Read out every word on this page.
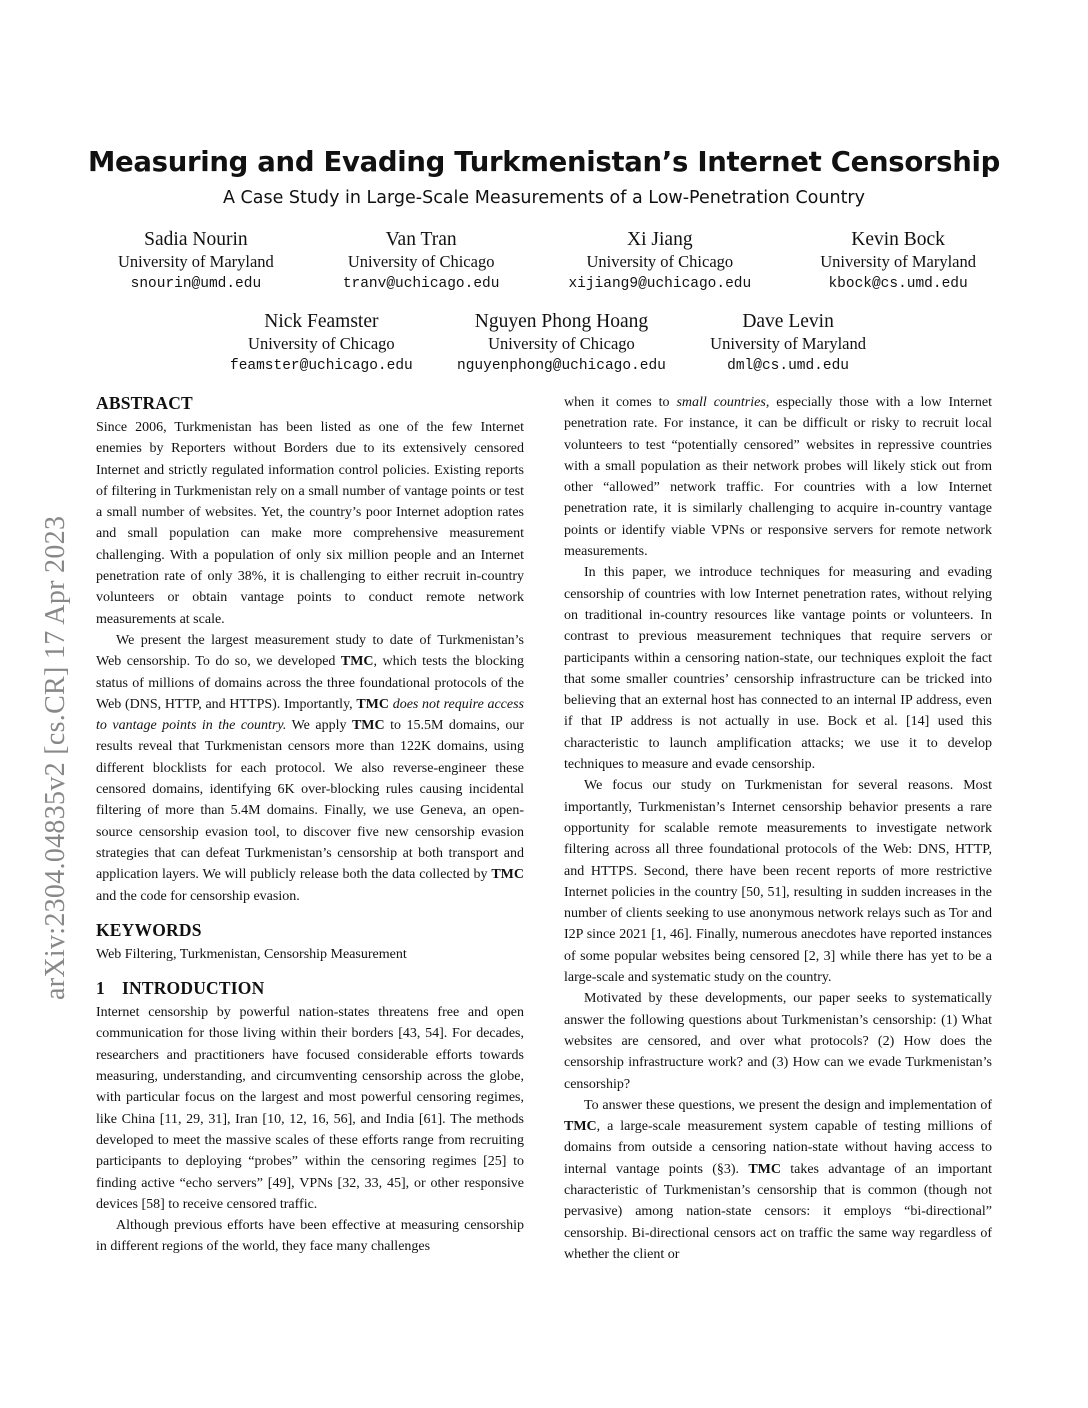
arXiv:2304.04835v2 [cs.CR] 17 Apr 2023
Measuring and Evading Turkmenistan’s Internet Censorship
A Case Study in Large-Scale Measurements of a Low-Penetration Country
Sadia Nourin
University of Maryland
snourin@umd.edu
Van Tran
University of Chicago
tranv@uchicago.edu
Xi Jiang
University of Chicago
xijiang9@uchicago.edu
Kevin Bock
University of Maryland
kbock@cs.umd.edu
Nick Feamster
University of Chicago
feamster@uchicago.edu
Nguyen Phong Hoang
University of Chicago
nguyenphong@uchicago.edu
Dave Levin
University of Maryland
dml@cs.umd.edu
ABSTRACT

Since 2006, Turkmenistan has been listed as one of the few Internet enemies by Reporters without Borders due to its extensively censored Internet and strictly regulated information control policies. Existing reports of filtering in Turkmenistan rely on a small number of vantage points or test a small number of websites. Yet, the country’s poor Internet adoption rates and small population can make more comprehensive measurement challenging. With a population of only six million people and an Internet penetration rate of only 38%, it is challenging to either recruit in-country volunteers or obtain vantage points to conduct remote network measurements at scale.

We present the largest measurement study to date of Turkmenistan’s Web censorship. To do so, we developed TMC, which tests the blocking status of millions of domains across the three foundational protocols of the Web (DNS, HTTP, and HTTPS). Importantly, TMC does not require access to vantage points in the country. We apply TMC to 15.5M domains, our results reveal that Turkmenistan censors more than 122K domains, using different blocklists for each protocol. We also reverse-engineer these censored domains, identifying 6K over-blocking rules causing incidental filtering of more than 5.4M domains. Finally, we use Geneva, an open-source censorship evasion tool, to discover five new censorship evasion strategies that can defeat Turkmenistan’s censorship at both transport and application layers. We will publicly release both the data collected by TMC and the code for censorship evasion.

KEYWORDS

Web Filtering, Turkmenistan, Censorship Measurement

1 INTRODUCTION

Internet censorship by powerful nation-states threatens free and open communication for those living within their borders [43, 54]. For decades, researchers and practitioners have focused considerable efforts towards measuring, understanding, and circumventing censorship across the globe, with particular focus on the largest and most powerful censoring regimes, like China [11, 29, 31], Iran [10, 12, 16, 56], and India [61]. The methods developed to meet the massive scales of these efforts range from recruiting participants to deploying “probes” within the censoring regimes [25] to finding active “echo servers” [49], VPNs [32, 33, 45], or other responsive devices [58] to receive censored traffic.

Although previous efforts have been effective at measuring censorship in different regions of the world, they face many challenges

when it comes to small countries, especially those with a low Internet penetration rate. For instance, it can be difficult or risky to recruit local volunteers to test “potentially censored” websites in repressive countries with a small population as their network probes will likely stick out from other “allowed” network traffic. For countries with a low Internet penetration rate, it is similarly challenging to acquire in-country vantage points or identify viable VPNs or responsive servers for remote network measurements.

In this paper, we introduce techniques for measuring and evading censorship of countries with low Internet penetration rates, without relying on traditional in-country resources like vantage points or volunteers. In contrast to previous measurement techniques that require servers or participants within a censoring nation-state, our techniques exploit the fact that some smaller countries’ censorship infrastructure can be tricked into believing that an external host has connected to an internal IP address, even if that IP address is not actually in use. Bock et al. [14] used this characteristic to launch amplification attacks; we use it to develop techniques to measure and evade censorship.

We focus our study on Turkmenistan for several reasons. Most importantly, Turkmenistan’s Internet censorship behavior presents a rare opportunity for scalable remote measurements to investigate network filtering across all three foundational protocols of the Web: DNS, HTTP, and HTTPS. Second, there have been recent reports of more restrictive Internet policies in the country [50, 51], resulting in sudden increases in the number of clients seeking to use anonymous network relays such as Tor and I2P since 2021 [1, 46]. Finally, numerous anecdotes have reported instances of some popular websites being censored [2, 3] while there has yet to be a large-scale and systematic study on the country.

Motivated by these developments, our paper seeks to systematically answer the following questions about Turkmenistan’s censorship: (1) What websites are censored, and over what protocols? (2) How does the censorship infrastructure work? and (3) How can we evade Turkmenistan’s censorship?

To answer these questions, we present the design and implementation of TMC, a large-scale measurement system capable of testing millions of domains from outside a censoring nation-state without having access to internal vantage points (§3). TMC takes advantage of an important characteristic of Turkmenistan’s censorship that is common (though not pervasive) among nation-state censors: it employs “bi-directional” censorship. Bi-directional censors act on traffic the same way regardless of whether the client or
